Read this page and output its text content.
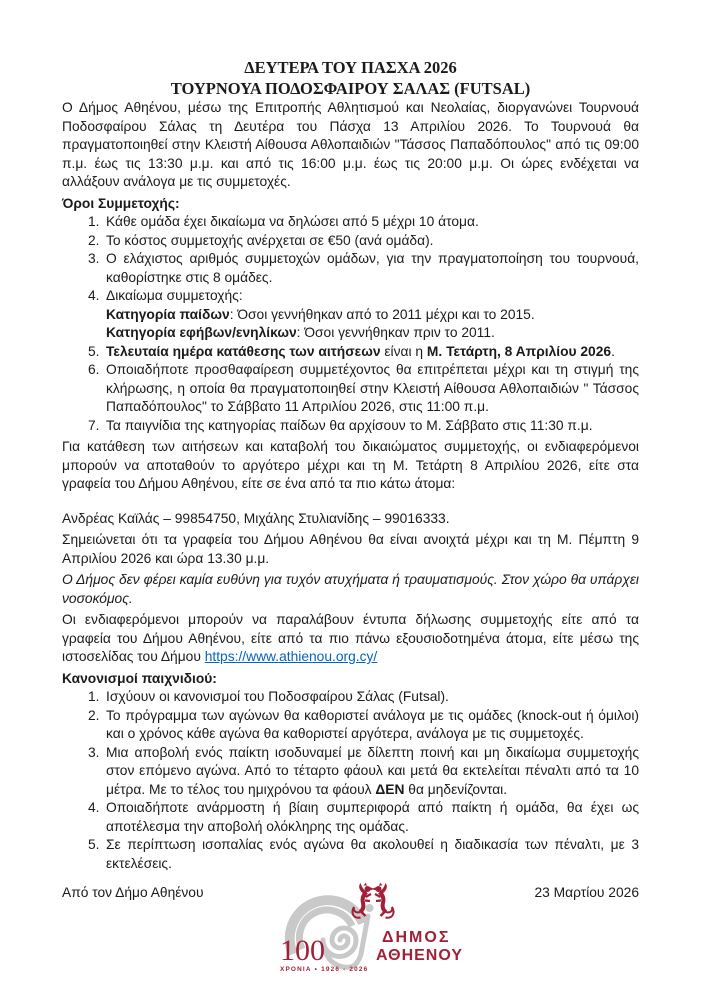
ΔΕΥΤΕΡΑ ΤΟΥ ΠΑΣΧΑ 2026
ΤΟΥΡΝΟΥΑ ΠΟΔΟΣΦΑΙΡΟΥ ΣΑΛΑΣ (FUTSAL)

Ο Δήμος Αθηένου, μέσω της Επιτροπής Αθλητισμού και Νεολαίας, διοργανώνει Τουρνουά Ποδοσφαίρου Σάλας τη Δευτέρα του Πάσχα 13 Απριλίου 2026. Το Τουρνουά θα πραγματοποιηθεί στην Κλειστή Αίθουσα Αθλοπαιδιών "Τάσσος Παπαδόπουλος" από τις 09:00 π.μ. έως τις 13:30 μ.μ. και από τις 16:00 μ.μ. έως τις 20:00 μ.μ. Οι ώρες ενδέχεται να αλλάξουν ανάλογα με τις συμμετοχές.

Όροι Συμμετοχής:
1. Κάθε ομάδα έχει δικαίωμα να δηλώσει από 5 μέχρι 10 άτομα.
2. Το κόστος συμμετοχής ανέρχεται σε €50 (ανά ομάδα).
3. Ο ελάχιστος αριθμός συμμετοχών ομάδων, για την πραγματοποίηση του τουρνουά, καθορίστηκε στις 8 ομάδες.
4. Δικαίωμα συμμετοχής:
Κατηγορία παίδων: Όσοι γεννήθηκαν από το 2011 μέχρι και το 2015.
Κατηγορία εφήβων/ενηλίκων: Όσοι γεννήθηκαν πριν το 2011.
5. Τελευταία ημέρα κατάθεσης των αιτήσεων είναι η Μ. Τετάρτη, 8 Απριλίου 2026.
6. Οποιαδήποτε προσθαφαίρεση συμμετέχοντος θα επιτρέπεται μέχρι και τη στιγμή της κλήρωσης, η οποία θα πραγματοποιηθεί στην Κλειστή Αίθουσα Αθλοπαιδιών " Τάσσος Παπαδόπουλος" το Σάββατο 11 Απριλίου 2026, στις 11:00 π.μ.
7. Τα παιγνίδια της κατηγορίας παίδων θα αρχίσουν το Μ. Σάββατο στις 11:30 π.μ.

Για κατάθεση των αιτήσεων και καταβολή του δικαιώματος συμμετοχής, οι ενδιαφερόμενοι μπορούν να αποταθούν το αργότερο μέχρι και τη Μ. Τετάρτη 8 Απριλίου 2026, είτε στα γραφεία του Δήμου Αθηένου, είτε σε ένα από τα πιο κάτω άτομα:

Ανδρέας Καϊλάς – 99854750, Μιχάλης Στυλιανίδης – 99016333.

Σημειώνεται ότι τα γραφεία του Δήμου Αθηένου θα είναι ανοιχτά μέχρι και τη Μ. Πέμπτη 9 Απριλίου 2026 και ώρα 13.30 μ.μ.

Ο Δήμος δεν φέρει καμία ευθύνη για τυχόν ατυχήματα ή τραυματισμούς. Στον χώρο θα υπάρχει νοσοκόμος.

Οι ενδιαφερόμενοι μπορούν να παραλάβουν έντυπα δήλωσης συμμετοχής είτε από τα γραφεία του Δήμου Αθηένου, είτε από τα πιο πάνω εξουσιοδοτημένα άτομα, είτε μέσω της ιστοσελίδας του Δήμου https://www.athienou.org.cy/

Κανονισμοί παιχνιδιού:
1. Ισχύουν οι κανονισμοί του Ποδοσφαίρου Σάλας (Futsal).
2. Το πρόγραμμα των αγώνων θα καθοριστεί ανάλογα με τις ομάδες (knock-out ή όμιλοι) και ο χρόνος κάθε αγώνα θα καθοριστεί αργότερα, ανάλογα με τις συμμετοχές.
3. Μια αποβολή ενός παίκτη ισοδυναμεί με δίλεπτη ποινή και μη δικαίωμα συμμετοχής στον επόμενο αγώνα. Από το τέταρτο φάουλ και μετά θα εκτελείται πέναλτι από τα 10 μέτρα. Με το τέλος του ημιχρόνου τα φάουλ ΔΕΝ θα μηδενίζονται.
4. Οποιαδήποτε ανάρμοστη ή βίαιη συμπεριφορά από παίκτη ή ομάδα, θα έχει ως αποτέλεσμα την αποβολή ολόκληρης της ομάδας.
5. Σε περίπτωση ισοπαλίας ενός αγώνα θα ακολουθεί η διαδικασία των πέναλτι, με 3 εκτελέσεις.
Από τον Δήμο Αθηένου	23 Μαρτίου 2026
100
ΧΡΟΝΙΑ • 1926 - 2026
ΔΗΜΟΣ
ΑΘΗΕΝΟΥ
